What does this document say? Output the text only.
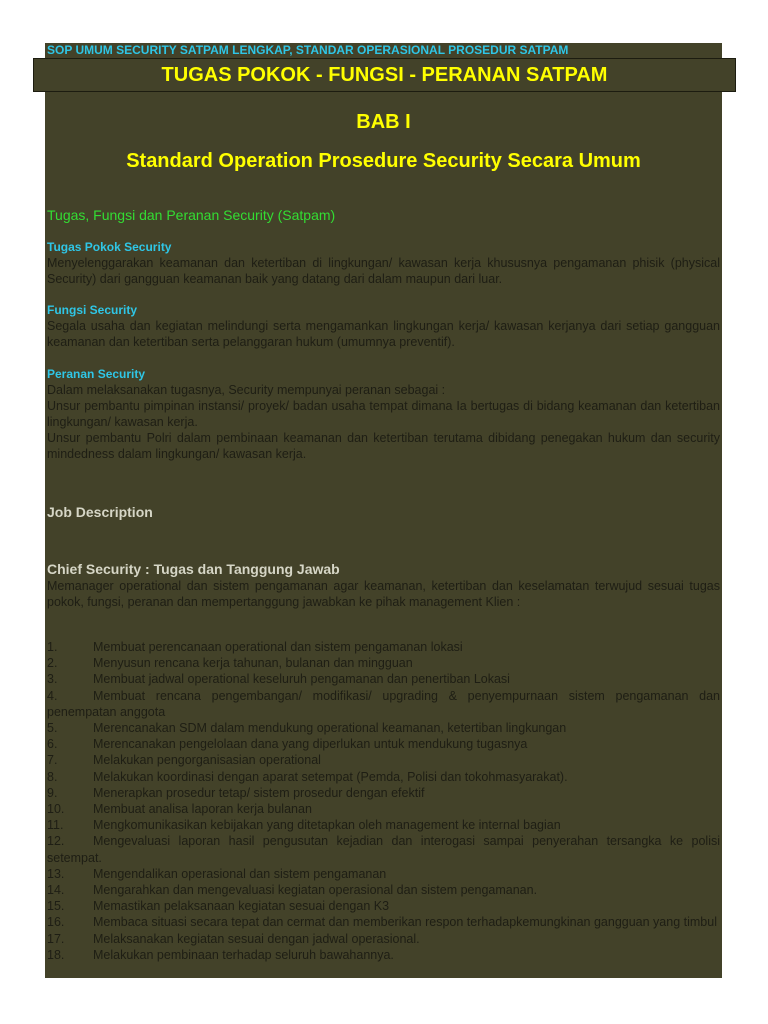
SOP UMUM SECURITY SATPAM LENGKAP, STANDAR OPERASIONAL PROSEDUR SATPAM
TUGAS POKOK - FUNGSI - PERANAN SATPAM
BAB I
Standard Operation Prosedure Security Secara Umum
Tugas, Fungsi dan Peranan Security (Satpam)
Tugas Pokok Security

Menyelenggarakan keamanan dan ketertiban di lingkungan/ kawasan kerja khususnya pengamanan phisik (physical Security) dari gangguan keamanan baik yang datang dari dalam maupun dari luar.

Fungsi Security

Segala usaha dan kegiatan melindungi serta mengamankan lingkungan kerja/ kawasan kerjanya dari setiap gangguan keamanan dan ketertiban serta pelanggaran hukum (umumnya preventif).

Peranan Security

Dalam melaksanakan tugasnya, Security mempunyai peranan sebagai :

Unsur pembantu pimpinan instansi/ proyek/ badan usaha tempat dimana Ia bertugas di bidang keamanan dan ketertiban lingkungan/ kawasan kerja.

Unsur pembantu Polri dalam pembinaan keamanan dan ketertiban terutama dibidang penegakan hukum dan security mindedness dalam lingkungan/ kawasan kerja.

Job Description
Chief Security : Tugas dan Tanggung Jawab

Memanager operational dan sistem pengamanan agar keamanan, ketertiban dan keselamatan terwujud sesuai tugas pokok, fungsi, peranan dan mempertanggung jawabkan ke pihak management Klien :

1.	Membuat perencanaan operational dan sistem pengamanan lokasi
2.	Menyusun rencana kerja tahunan, bulanan dan mingguan
3.	Membuat jadwal operational keseluruh pengamanan dan penertiban Lokasi
4.	Membuat rencana pengembangan/ modifikasi/ upgrading & penyempurnaan sistem pengamanan dan penempatan anggota
5.	Merencanakan SDM dalam mendukung operational keamanan, ketertiban lingkungan
6.	Merencanakan pengelolaan dana yang diperlukan untuk mendukung tugasnya
7.	Melakukan pengorganisasian operational
8.	Melakukan koordinasi dengan aparat setempat (Pemda, Polisi dan tokohmasyarakat).
9.	Menerapkan prosedur tetap/ sistem prosedur dengan efektif
10. Membuat analisa laporan kerja bulanan
11. Mengkomunikasikan kebijakan yang ditetapkan oleh management ke internal bagian
12. Mengevaluasi laporan hasil pengusutan kejadian dan interogasi sampai penyerahan tersangka ke polisi setempat.
13. Mengendalikan operasional dan sistem pengamanan
14. Mengarahkan dan mengevaluasi kegiatan operasional dan sistem pengamanan.
15. Memastikan pelaksanaan kegiatan sesuai dengan K3
16. Membaca situasi secara tepat dan cermat dan memberikan respon terhadapkemungkinan gangguan yang timbul
17. Melaksanakan kegiatan sesuai dengan jadwal operasional.
18. Melakukan pembinaan terhadap seluruh bawahannya.
